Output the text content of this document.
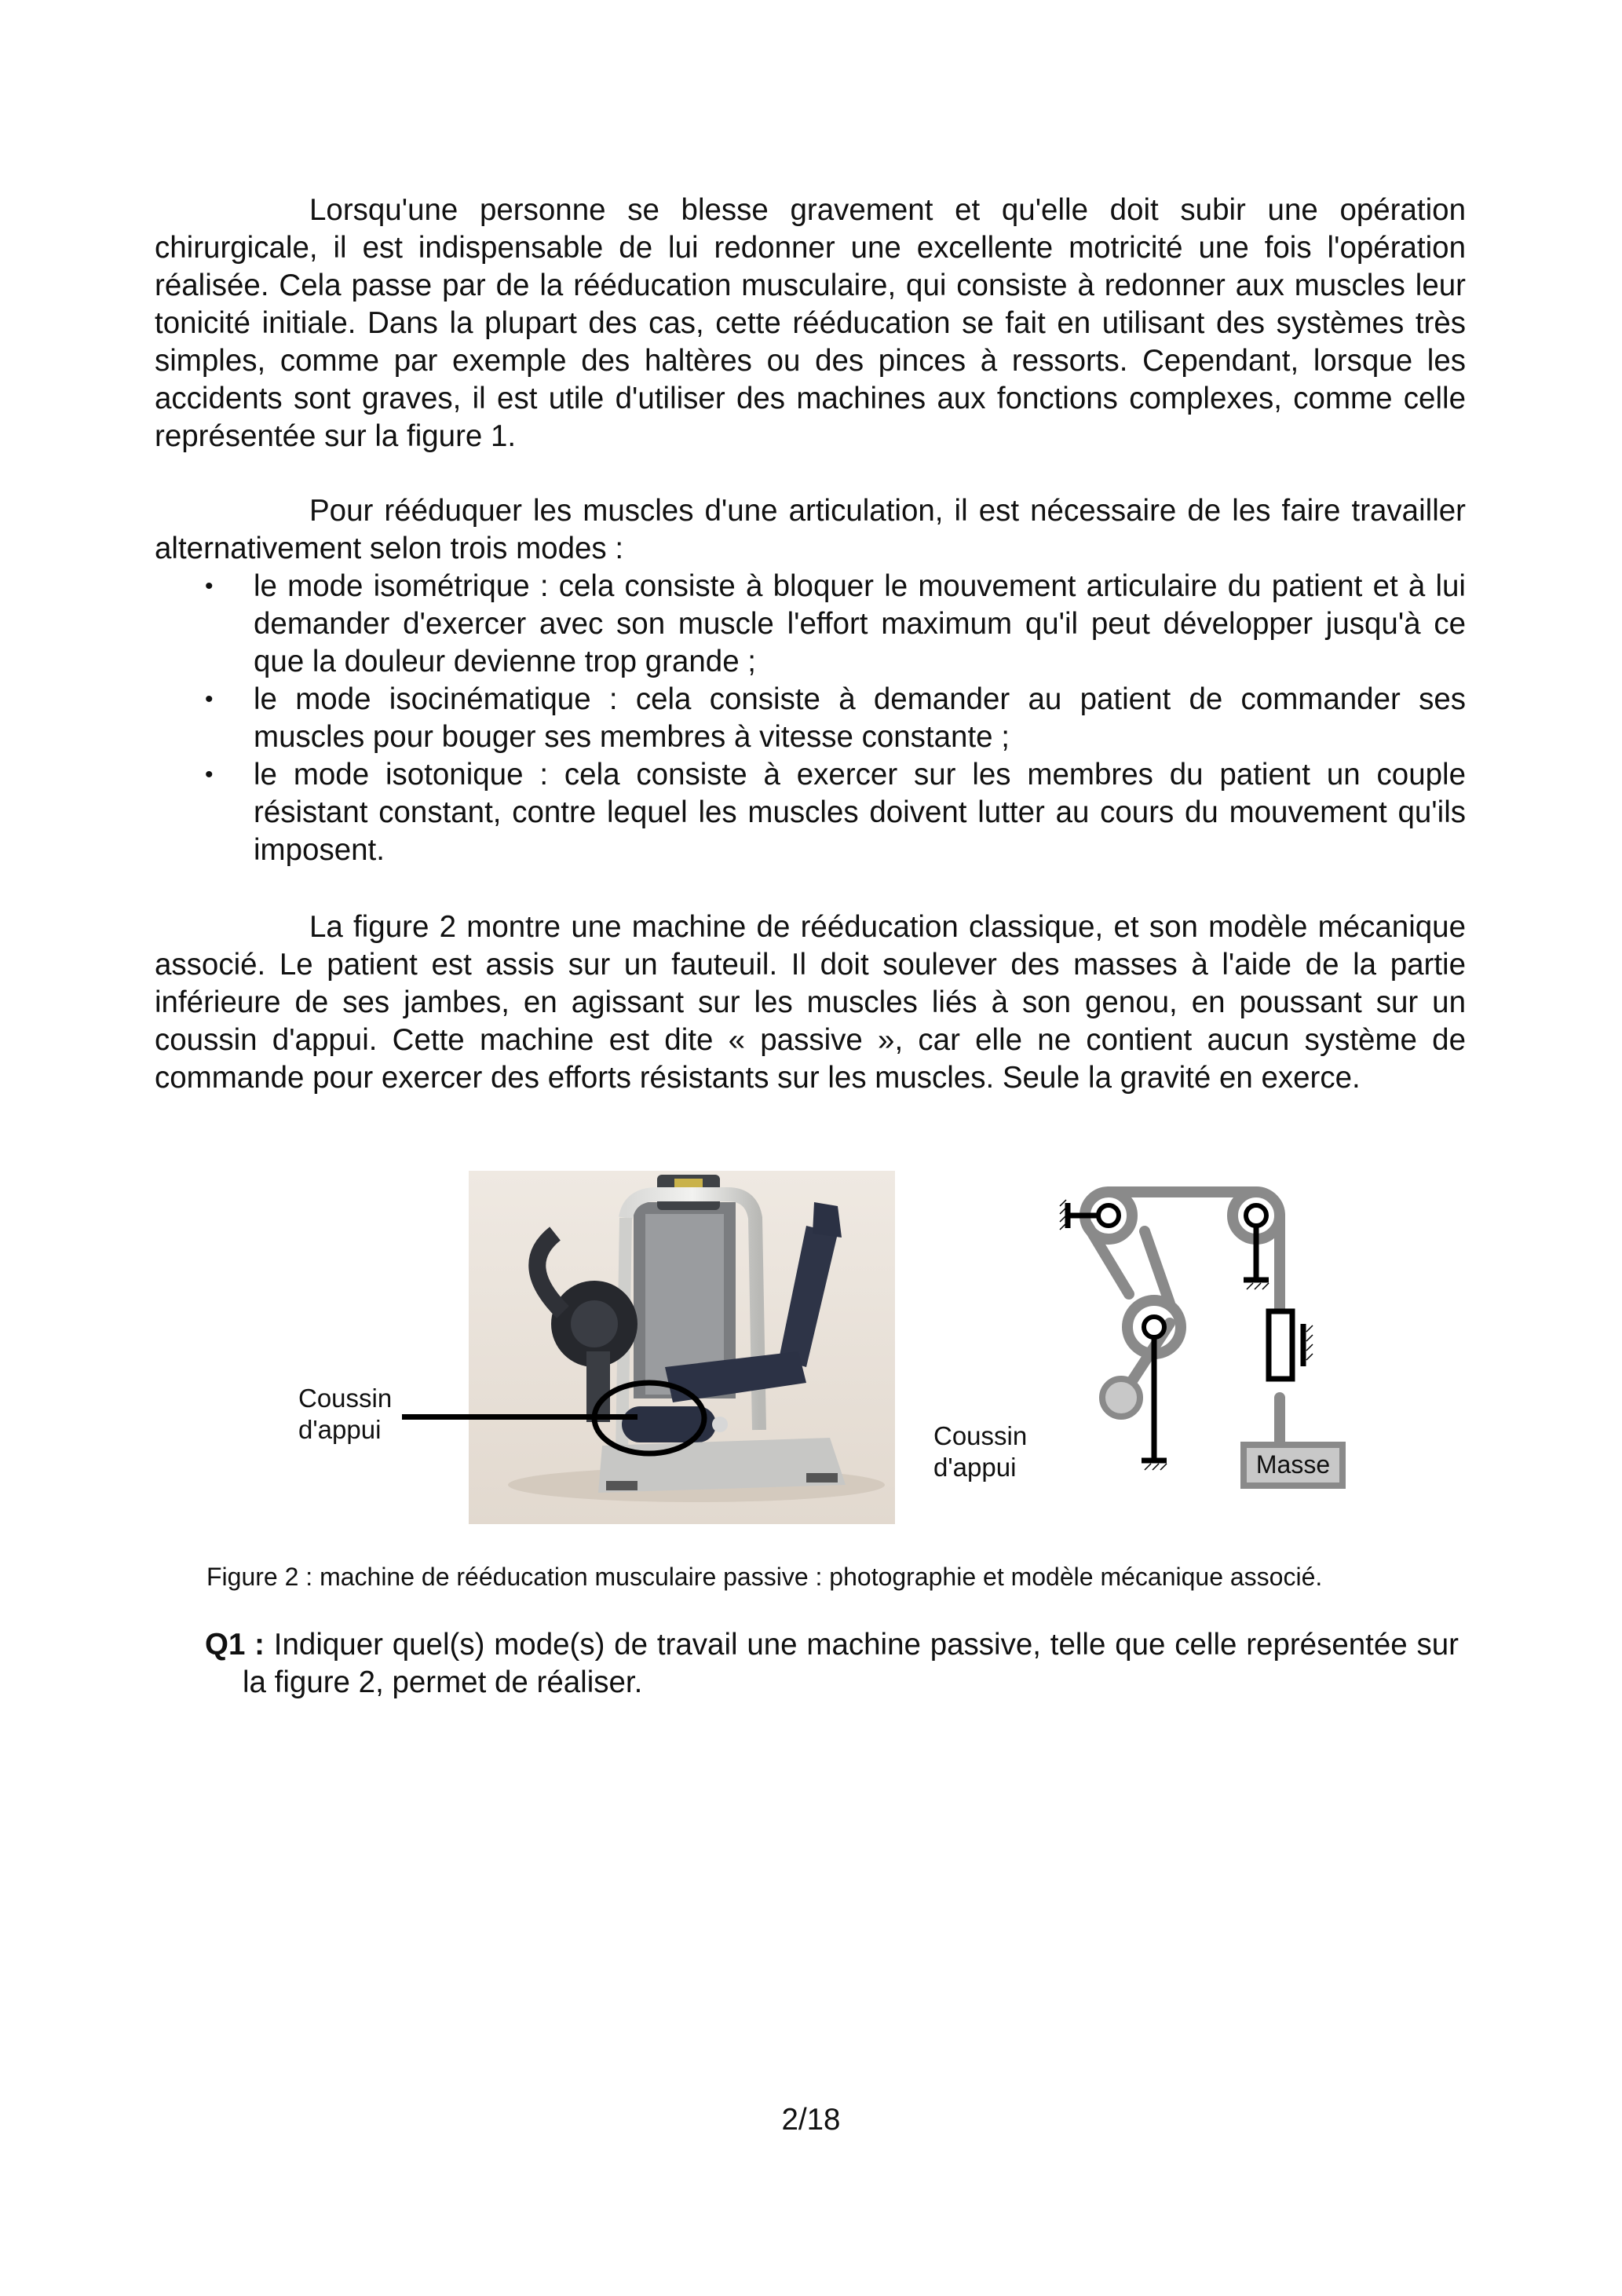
Lorsqu'une personne se blesse gravement et qu'elle doit subir une opération chirurgicale, il est indispensable de lui redonner une excellente motricité une fois l'opération réalisée. Cela passe par de la rééducation musculaire, qui consiste à redonner aux muscles leur tonicité initiale. Dans la plupart des cas, cette rééducation se fait en utilisant des systèmes très simples, comme par exemple des haltères ou des pinces à ressorts. Cependant, lorsque les accidents sont graves, il est utile d'utiliser des machines aux fonctions complexes, comme celle représentée sur la figure 1.

Pour rééduquer les muscles d'une articulation, il est nécessaire de les faire travailler alternativement selon trois modes :

• le mode isométrique : cela consiste à bloquer le mouvement articulaire du patient et à lui demander d'exercer avec son muscle l'effort maximum qu'il peut développer jusqu'à ce que la douleur devienne trop grande ;
• le mode isocinématique : cela consiste à demander au patient de commander ses muscles pour bouger ses membres à vitesse constante ;
• le mode isotonique : cela consiste à exercer sur les membres du patient un couple résistant constant, contre lequel les muscles doivent lutter au cours du mouvement qu'ils imposent.

La figure 2 montre une machine de rééducation classique, et son modèle mécanique associé. Le patient est assis sur un fauteuil. Il doit soulever des masses à l'aide de la partie inférieure de ses jambes, en agissant sur les muscles liés à son genou, en poussant sur un coussin d'appui. Cette machine est dite « passive », car elle ne contient aucun système de commande pour exercer des efforts résistants sur les muscles. Seule la gravité en exerce.

Coussin
d'appui
Masse
Coussin
d'appui
Figure 2 : machine de rééducation musculaire passive : photographie et modèle mécanique associé.

Q1 : Indiquer quel(s) mode(s) de travail une machine passive, telle que celle représentée sur la figure 2, permet de réaliser.

2/18
